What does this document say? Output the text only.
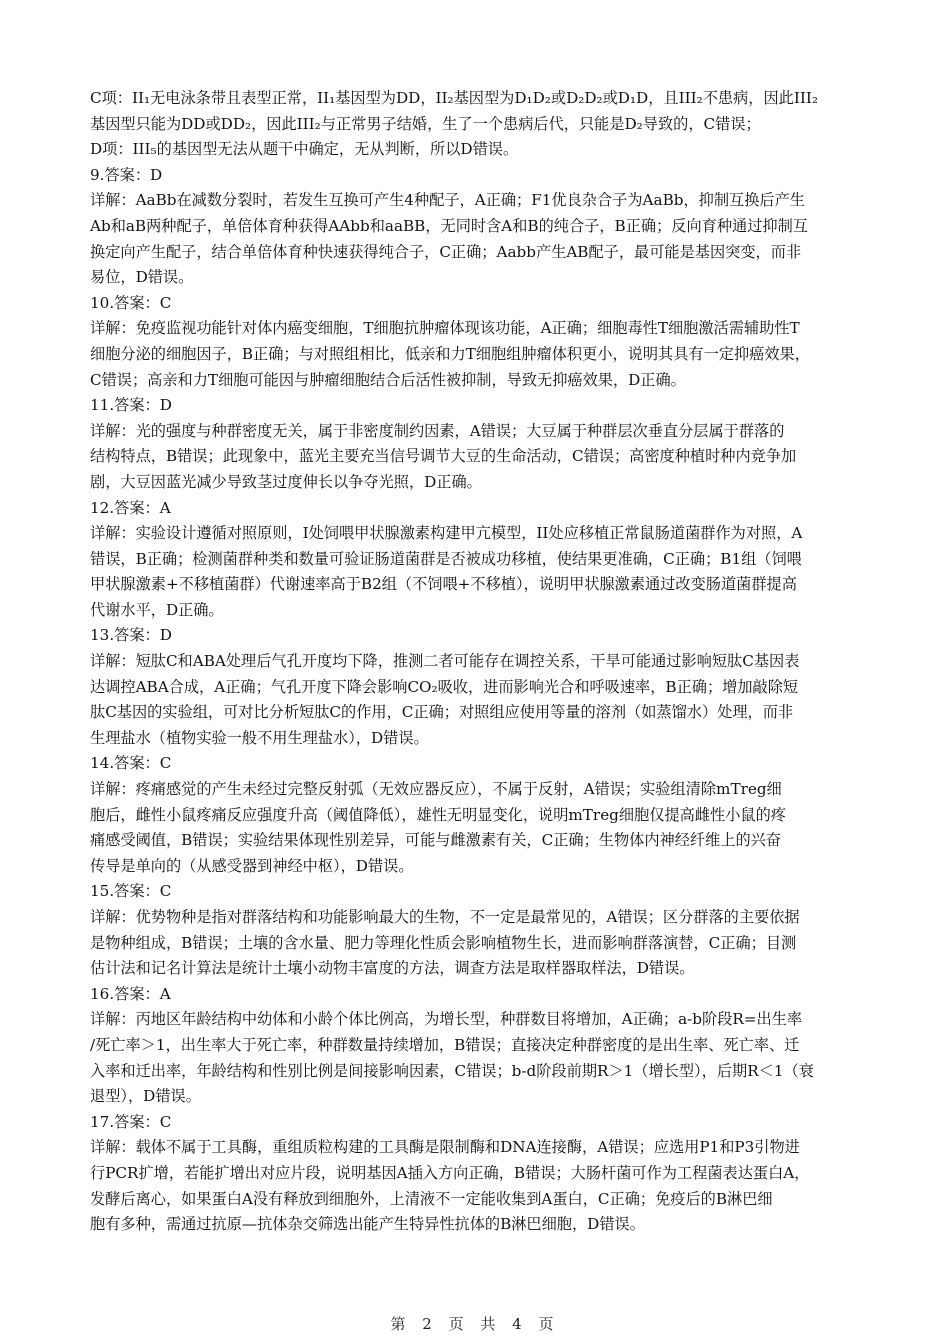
C项：II₁无电泳条带且表型正常，II₁基因型为DD，II₂基因型为D₁D₂或D₂D₂或D₁D，且III₂不患病，因此III₂

基因型只能为DD或DD₂，因此III₂与正常男子结婚，生了一个患病后代，只能是D₂导致的，C错误；

D项：III₅的基因型无法从题干中确定，无从判断，所以D错误。

9.答案：D

详解：AaBb在减数分裂时，若发生互换可产生4种配子，A正确；F1优良杂合子为AaBb，抑制互换后产生

Ab和aB两种配子，单倍体育种获得AAbb和aaBB，无同时含A和B的纯合子，B正确；反向育种通过抑制互

换定向产生配子，结合单倍体育种快速获得纯合子，C正确；Aabb产生AB配子，最可能是基因突变，而非

易位，D错误。

10.答案：C

详解：免疫监视功能针对体内癌变细胞，T细胞抗肿瘤体现该功能，A正确；细胞毒性T细胞激活需辅助性T

细胞分泌的细胞因子，B正确；与对照组相比，低亲和力T细胞组肿瘤体积更小，说明其具有一定抑癌效果，

C错误；高亲和力T细胞可能因与肿瘤细胞结合后活性被抑制，导致无抑癌效果，D正确。

11.答案：D

详解：光的强度与种群密度无关，属于非密度制约因素，A错误；大豆属于种群层次垂直分层属于群落的

结构特点，B错误；此现象中，蓝光主要充当信号调节大豆的生命活动，C错误；高密度种植时种内竞争加

剧，大豆因蓝光减少导致茎过度伸长以争夺光照，D正确。

12.答案：A

详解：实验设计遵循对照原则，I处饲喂甲状腺激素构建甲亢模型，II处应移植正常鼠肠道菌群作为对照，A

错误，B正确；检测菌群种类和数量可验证肠道菌群是否被成功移植，使结果更准确，C正确；B1组（饲喂

甲状腺激素+不移植菌群）代谢速率高于B2组（不饲喂+不移植），说明甲状腺激素通过改变肠道菌群提高

代谢水平，D正确。

13.答案：D

详解：短肽C和ABA处理后气孔开度均下降，推测二者可能存在调控关系，干旱可能通过影响短肽C基因表

达调控ABA合成，A正确；气孔开度下降会影响CO₂吸收，进而影响光合和呼吸速率，B正确；增加敲除短

肽C基因的实验组，可对比分析短肽C的作用，C正确；对照组应使用等量的溶剂（如蒸馏水）处理，而非

生理盐水（植物实验一般不用生理盐水），D错误。

14.答案：C

详解：疼痛感觉的产生未经过完整反射弧（无效应器反应），不属于反射，A错误；实验组清除mTreg细

胞后，雌性小鼠疼痛反应强度升高（阈值降低），雄性无明显变化，说明mTreg细胞仅提高雌性小鼠的疼

痛感受阈值，B错误；实验结果体现性别差异，可能与雌激素有关，C正确；生物体内神经纤维上的兴奋

传导是单向的（从感受器到神经中枢），D错误。

15.答案：C

详解：优势物种是指对群落结构和功能影响最大的生物，不一定是最常见的，A错误；区分群落的主要依据

是物种组成，B错误；土壤的含水量、肥力等理化性质会影响植物生长，进而影响群落演替，C正确；目测

估计法和记名计算法是统计土壤小动物丰富度的方法，调查方法是取样器取样法，D错误。

16.答案：A

详解：丙地区年龄结构中幼体和小龄个体比例高，为增长型，种群数目将增加，A正确；a-b阶段R=出生率

/死亡率＞1，出生率大于死亡率，种群数量持续增加，B错误；直接决定种群密度的是出生率、死亡率、迁

入率和迁出率，年龄结构和性别比例是间接影响因素，C错误；b-d阶段前期R＞1（增长型），后期R＜1（衰

退型），D错误。

17.答案：C

详解：载体不属于工具酶，重组质粒构建的工具酶是限制酶和DNA连接酶，A错误；应选用P1和P3引物进

行PCR扩增，若能扩增出对应片段，说明基因A插入方向正确，B错误；大肠杆菌可作为工程菌表达蛋白A，

发酵后离心，如果蛋白A没有释放到细胞外，上清液不一定能收集到A蛋白，C正确；免疫后的B淋巴细

胞有多种，需通过抗原—抗体杂交筛选出能产生特异性抗体的B淋巴细胞，D错误。

第 2 页 共 4 页
